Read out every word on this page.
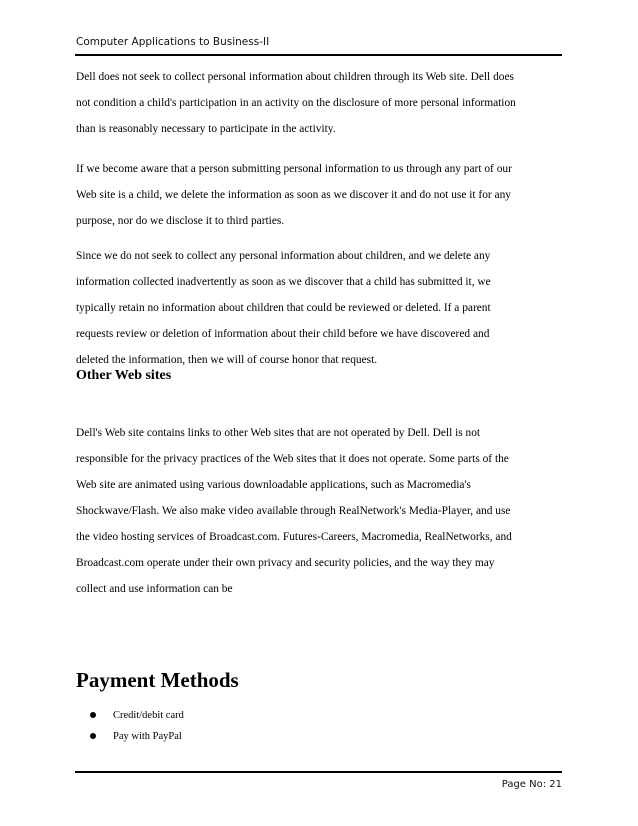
Computer Applications to Business-II

Dell does not seek to collect personal information about children through its Web site. Dell does
not condition a child's participation in an activity on the disclosure of more personal information
than is reasonably necessary to participate in the activity.

If we become aware that a person submitting personal information to us through any part of our
Web site is a child, we delete the information as soon as we discover it and do not use it for any
purpose, nor do we disclose it to third parties.

Since we do not seek to collect any personal information about children, and we delete any
information collected inadvertently as soon as we discover that a child has submitted it, we
typically retain no information about children that could be reviewed or deleted. If a parent
requests review or deletion of information about their child before we have discovered and
deleted the information, then we will of course honor that request.

Other Web sites

Dell's Web site contains links to other Web sites that are not operated by Dell. Dell is not
responsible for the privacy practices of the Web sites that it does not operate. Some parts of the
Web site are animated using various downloadable applications, such as Macromedia's
Shockwave/Flash. We also make video available through RealNetwork's Media-Player, and use
the video hosting services of Broadcast.com. Futures-Careers, Macromedia, RealNetworks, and
Broadcast.com operate under their own privacy and security policies, and the way they may
collect and use information can be

Payment Methods
Credit/debit card
Pay with PayPal
Page No: 21
